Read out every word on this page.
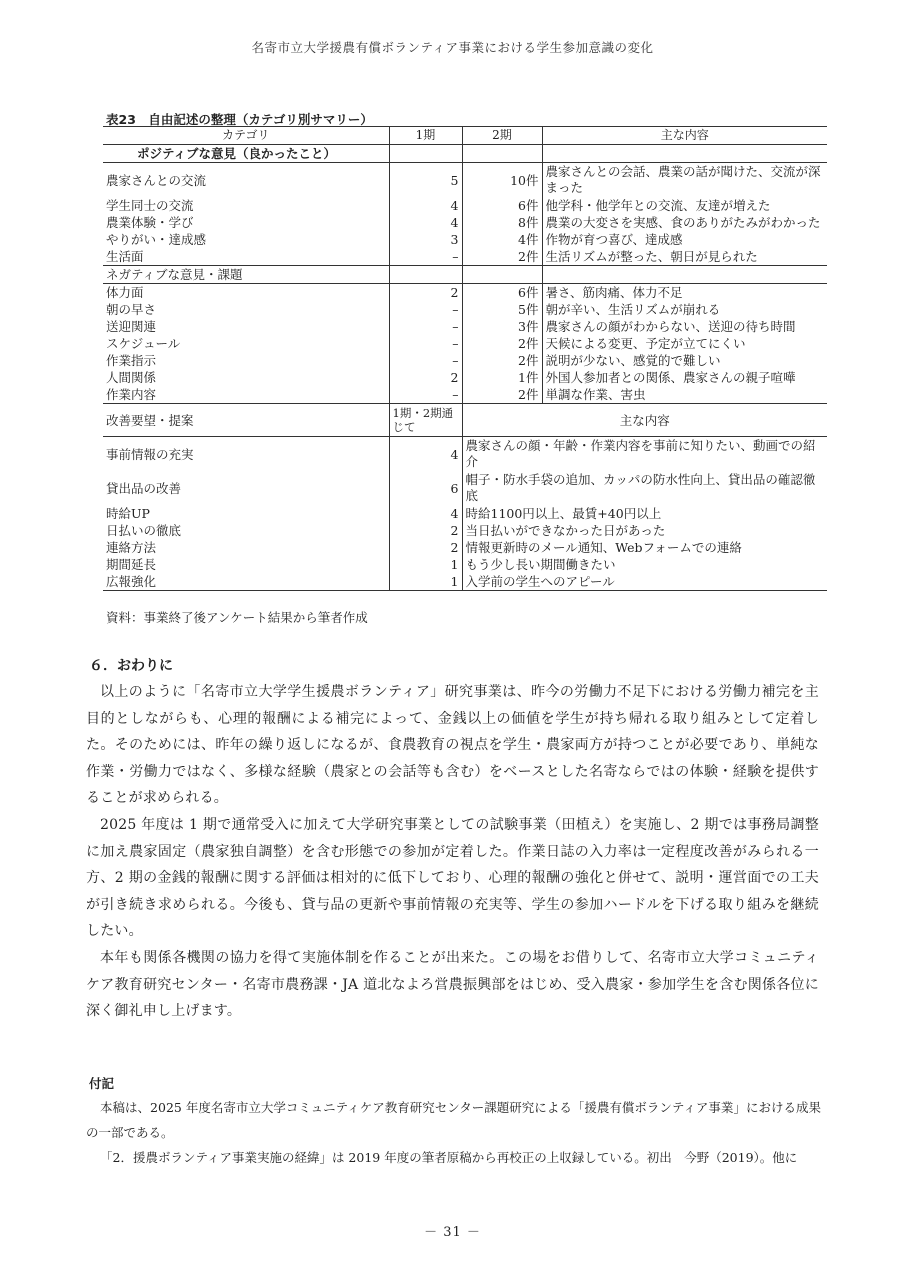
名寄市立大学援農有償ボランティア事業における学生参加意識の変化
表23　自由記述の整理（カテゴリ別サマリー）
カテゴリ	1期	2期	主な内容
ポジティブな意見（良かったこと）			
農家さんとの交流	5	10件	農家さんとの会話、農業の話が聞けた、交流が深まった
学生同士の交流	4	6件	他学科・他学年との交流、友達が増えた
農業体験・学び	4	8件	農業の大変さを実感、食のありがたみがわかった
やりがい・達成感	3	4件	作物が育つ喜び、達成感
生活面	–	2件	生活リズムが整った、朝日が見られた
ネガティブな意見・課題			
体力面	2	6件	暑さ、筋肉痛、体力不足
朝の早さ	–	5件	朝が辛い、生活リズムが崩れる
送迎関連	–	3件	農家さんの顔がわからない、送迎の待ち時間
スケジュール	–	2件	天候による変更、予定が立てにくい
作業指示	–	2件	説明が少ない、感覚的で難しい
人間関係	2	1件	外国人参加者との関係、農家さんの親子喧嘩
作業内容	–	2件	単調な作業、害虫
改善要望・提案	1期・2期通じて	主な内容	
事前情報の充実	4	農家さんの顔・年齢・作業内容を事前に知りたい、動画での紹介	
貸出品の改善	6	帽子・防水手袋の追加、カッパの防水性向上、貸出品の確認徹底	
時給UP	4	時給1100円以上、最賃+40円以上	
日払いの徹底	2	当日払いができなかった日があった	
連絡方法	2	情報更新時のメール通知、Webフォームでの連絡	
期間延長	1	もう少し長い期間働きたい	
広報強化	1	入学前の学生へのアピール	
資料：事業終了後アンケート結果から筆者作成
６．おわりに

以上のように「名寄市立大学学生援農ボランティア」研究事業は、昨今の労働力不足下における労働力補完を主目的としながらも、心理的報酬による補完によって、金銭以上の価値を学生が持ち帰れる取り組みとして定着した。そのためには、昨年の繰り返しになるが、食農教育の視点を学生・農家両方が持つことが必要であり、単純な作業・労働力ではなく、多様な経験（農家との会話等も含む）をベースとした名寄ならではの体験・経験を提供することが求められる。

2025 年度は 1 期で通常受入に加えて大学研究事業としての試験事業（田植え）を実施し、2 期では事務局調整に加え農家固定（農家独自調整）を含む形態での参加が定着した。作業日誌の入力率は一定程度改善がみられる一方、2 期の金銭的報酬に関する評価は相対的に低下しており、心理的報酬の強化と併せて、説明・運営面での工夫が引き続き求められる。今後も、貸与品の更新や事前情報の充実等、学生の参加ハードルを下げる取り組みを継続したい。

本年も関係各機関の協力を得て実施体制を作ることが出来た。この場をお借りして、名寄市立大学コミュニティケア教育研究センター・名寄市農務課・JA 道北なよろ営農振興部をはじめ、受入農家・参加学生を含む関係各位に深く御礼申し上げます。

付記

本稿は、2025 年度名寄市立大学コミュニティケア教育研究センター課題研究による「援農有償ボランティア事業」における成果の一部である。

「2．援農ボランティア事業実施の経緯」は 2019 年度の筆者原稿から再校正の上収録している。初出　今野（2019）。他に

－ 31 －
